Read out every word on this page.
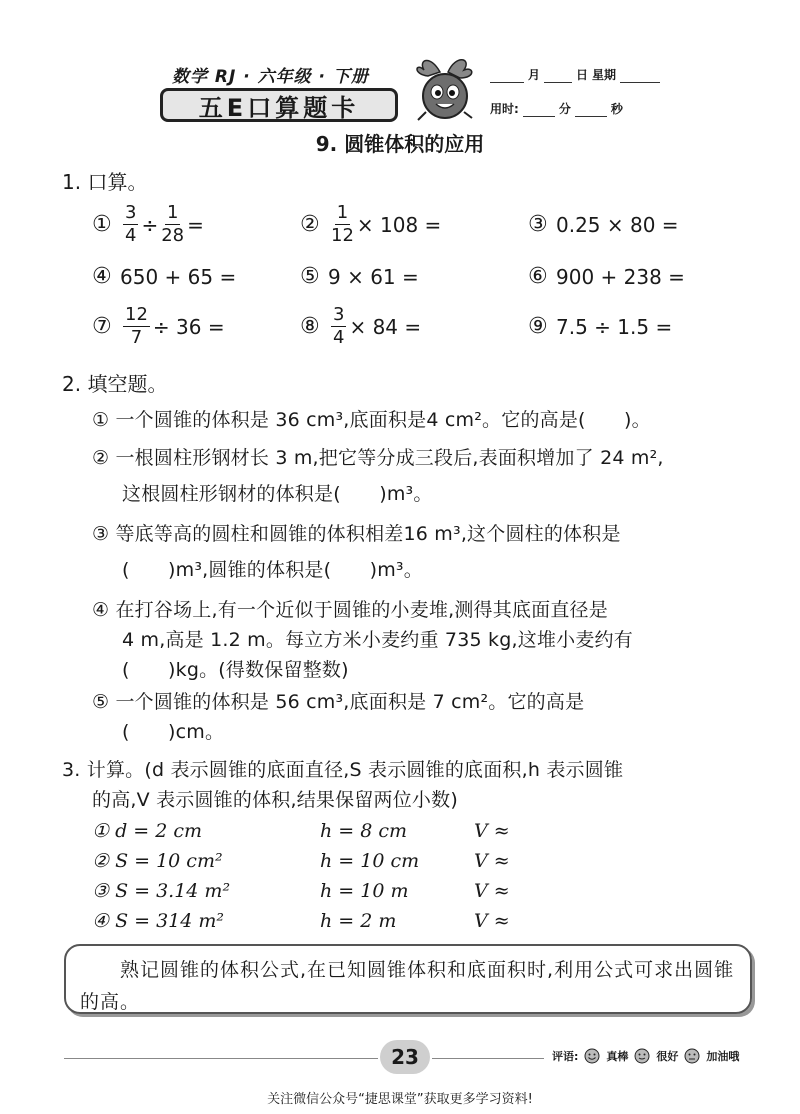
数学 RJ · 六年级 · 下册
五E口算题卡
月	日 星期
用时:	分	秒
9. 圆锥体积的应用
1. 口算。
① $\frac{3}{4} \div \frac{1}{28}$ =	② $\frac{1}{12} \times 108$ =	③ 0.25 × 80 =
④ 650 + 65 =	⑤ 9 × 61 =	⑥ 900 + 238 =
⑦ $\frac{12}{7} \div 36$ =	⑧ $\frac{3}{4} \times 84$ =	⑨ 7.5 ÷ 1.5 =
2. 填空题。
① 一个圆锥的体积是 36 cm³,底面积是4 cm²。它的高是(　　)。
② 一根圆柱形钢材长 3 m,把它等分成三段后,表面积增加了 24 m²,
这根圆柱形钢材的体积是(　　)m³。
③ 等底等高的圆柱和圆锥的体积相差16 m³,这个圆柱的体积是
(　　)m³,圆锥的体积是(　　)m³。
④ 在打谷场上,有一个近似于圆锥的小麦堆,测得其底面直径是
4 m,高是 1.2 m。每立方米小麦约重 735 kg,这堆小麦约有
(　　)kg。(得数保留整数)
⑤ 一个圆锥的体积是 56 cm³,底面积是 7 cm²。它的高是
(　　)cm。
3. 计算。(d 表示圆锥的底面直径,S 表示圆锥的底面积,h 表示圆锥
的高,V 表示圆锥的体积,结果保留两位小数)
① d = 2 cm	h = 8 cm	V ≈
② S = 10 cm²	h = 10 cm	V ≈
③ S = 3.14 m²	h = 10 m	V ≈
④ S = 314 m²	h = 2 m	V ≈
熟记圆锥的体积公式,在已知圆锥体积和底面积时,利用公式可求出圆锥的高。
23	评语:	真棒	很好	加油哦
关注微信公众号“捷思课堂”获取更多学习资料!
